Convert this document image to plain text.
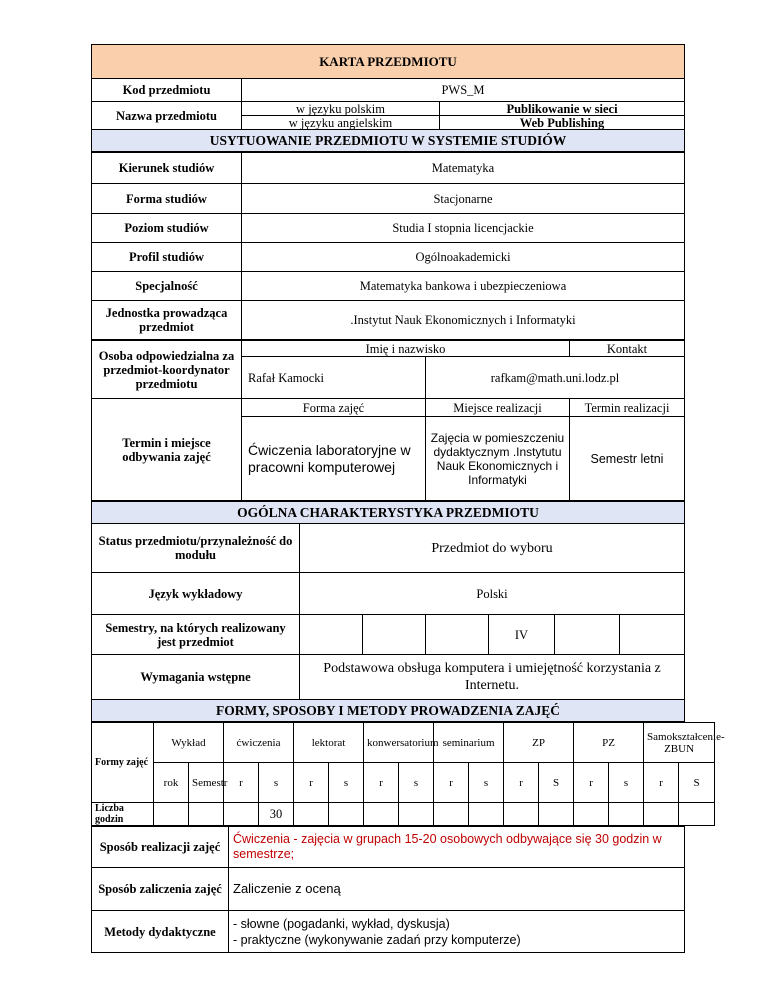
KARTA PRZEDMIOTU		
Kod przedmiotu	PWS_M	
Nazwa przedmiotu	w języku polskim	Publikowanie w sieci
	w języku angielskim	Web Publishing
USYTUOWANIE PRZEDMIOTU W SYSTEMIE STUDIÓW		
Kierunek studiów	Matematyka
Forma studiów	Stacjonarne
Poziom studiów	Studia I stopnia licencjackie
Profil studiów	Ogólnoakademicki
Specjalność	Matematyka bankowa i ubezpieczeniowa
Jednostka prowadząca przedmiot	.Instytut Nauk Ekonomicznych i Informatyki
Osoba odpowiedzialna za przedmiot-koordynator przedmiotu	Imię i nazwisko		Kontakt
	Rafał Kamocki	rafkam@math.uni.lodz.pl	
Termin i miejsce odbywania zajęć	Forma zajęć	Miejsce realizacji	Termin realizacji
	Ćwiczenia laboratoryjne w pracowni komputerowej	Zajęcia w pomieszczeniu dydaktycznym .Instytutu Nauk Ekonomicznych i Informatyki	Semestr letni
OGÓLNA CHARAKTERYSTYKA PRZEDMIOTU						
Status przedmiotu/przynależność do modułu	Przedmiot do wyboru					
Język wykładowy	Polski					
Semestry, na których realizowany jest przedmiot				IV		
Wymagania wstępne	Podstawowa obsługa komputera i umiejętność korzystania z Internetu.					
FORMY, SPOSOBY I METODY PROWADZENIA ZAJĘĆ						
Formy zajęć	Wykład		ćwiczenia		lektorat		konwersatorium		seminarium		ZP		PZ		Samokształcenie-ZBUN	
	rok	Semestr	r	s	r	s	r	s	r	s	r	S	r	s	r	S
Liczba godzin				30												
Sposób realizacji zajęć	Ćwiczenia - zajęcia w grupach 15-20 osobowych odbywające się 30 godzin w semestrze;
Sposób zaliczenia zajęć	Zaliczenie z oceną
Metody dydaktyczne	- słowne (pogadanki, wykład, dyskusja)
- praktyczne (wykonywanie zadań przy komputerze)
